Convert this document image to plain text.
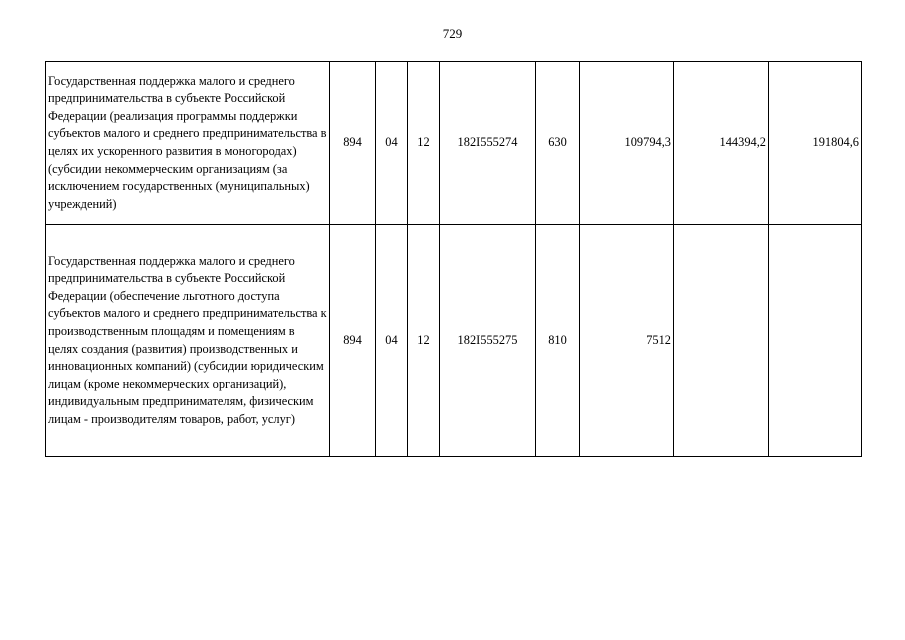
729
Государственная поддержка малого и среднего предпринимательства в субъекте Российской Федерации (реализация программы поддержки субъектов малого и среднего предпринимательства в целях их ускоренного развития в моногородах) (субсидии некоммерческим организациям (за исключением государственных (муниципальных) учреждений)	894	04	12	182I555274	630	109794,3	144394,2	191804,6
Государственная поддержка малого и среднего предпринимательства в субъекте Российской Федерации (обеспечение льготного доступа субъектов малого и среднего предпринимательства к производственным площадям и помещениям в целях создания (развития) производственных и инновационных компаний) (субсидии юридическим лицам (кроме некоммерческих организаций), индивидуальным предпринимателям, физическим лицам - производителям товаров, работ, услуг)	894	04	12	182I555275	810	7512		
